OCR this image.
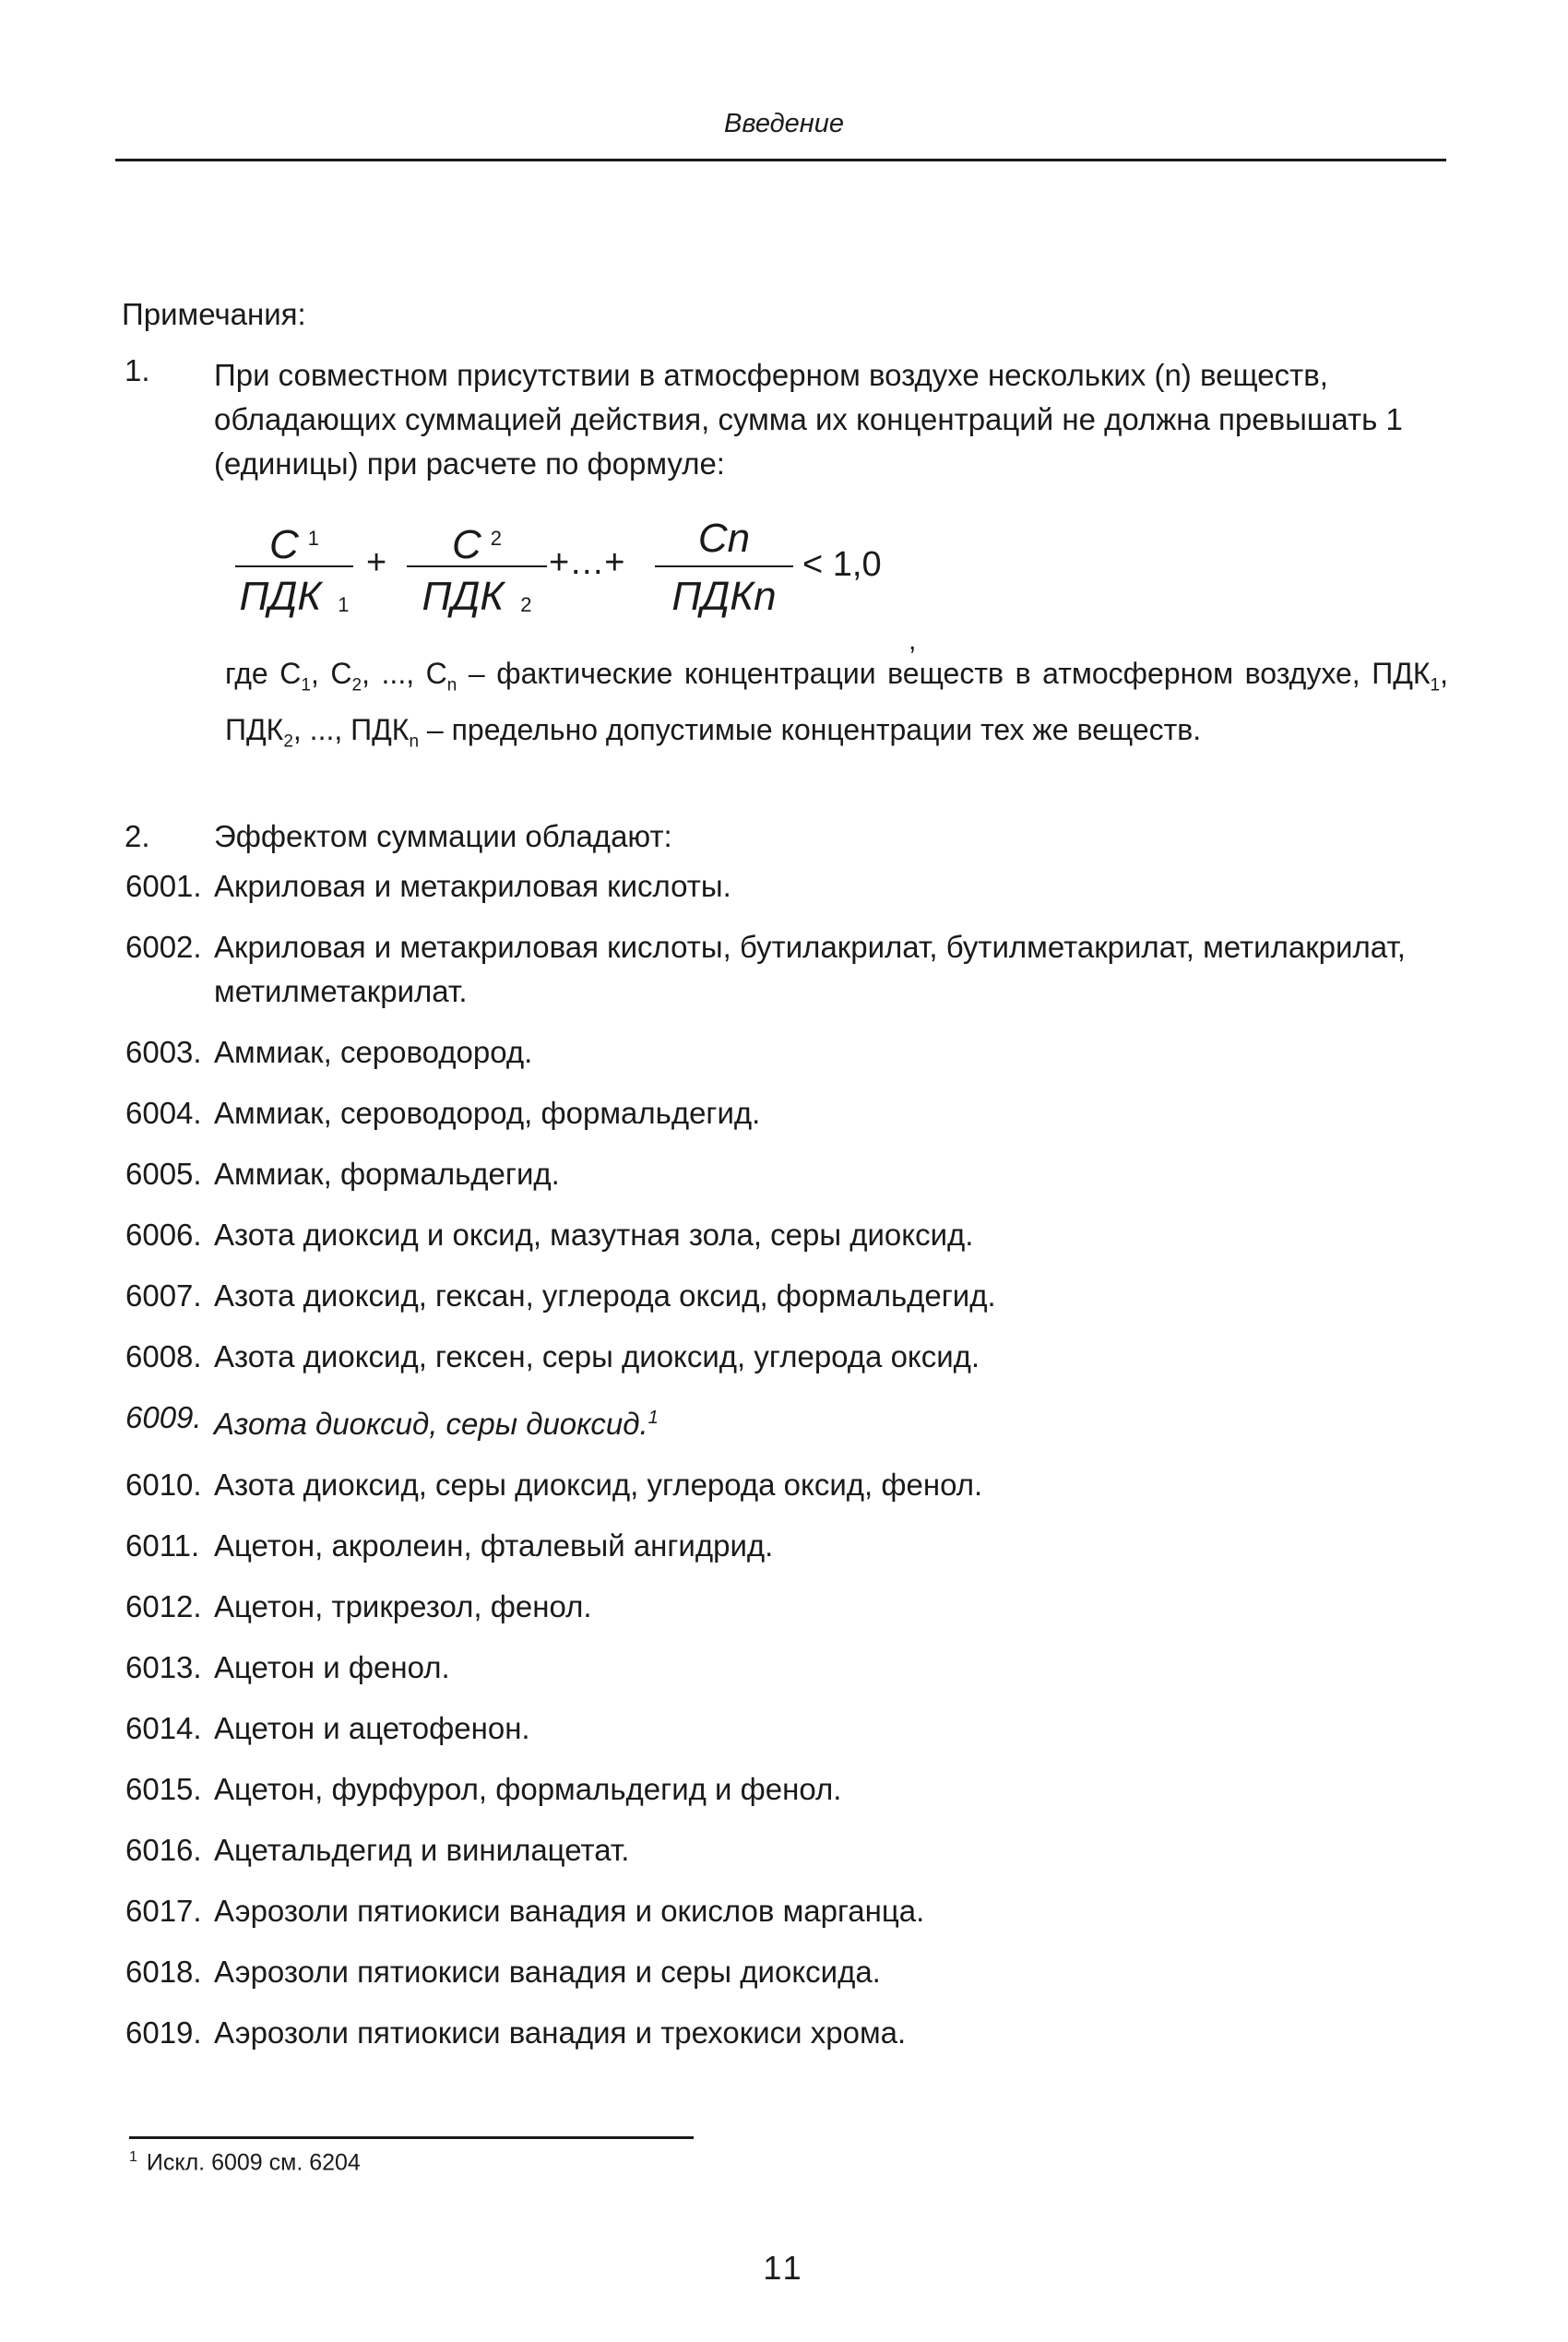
Введение
Примечания:
1. При совместном присутствии в атмосферном воздухе нескольких (n) веществ, обладающих суммацией действия, сумма их концентраций не должна превышать 1 (единицы) при расчете по формуле:
С $^1$
ПДК 1
+	С $^2$
ПДК 2
+…+
Сn
ПДКn
< 1,0
,
где $С_1$, $С_2$, ..., $С_n$ – фактические концентрации веществ в атмосферном воздухе, $ПДК_1$, $ПДК_2$, ..., $ПДК_n$ – предельно допустимые концентрации тех же веществ.
2. Эффектом суммации обладают:
6001. Акриловая и метакриловая кислоты.
6002. Акриловая и метакриловая кислоты, бутилакрилат, бутилметакрилат, метилакрилат, метилметакрилат.
6003. Аммиак, сероводород.
6004. Аммиак, сероводород, формальдегид.
6005. Аммиак, формальдегид.
6006. Азота диоксид и оксид, мазутная зола, серы диоксид.
6007. Азота диоксид, гексан, углерода оксид, формальдегид.
6008. Азота диоксид, гексен, серы диоксид, углерода оксид.
6009. Азота диоксид, серы диоксид.$^1$
6010. Азота диоксид, серы диоксид, углерода оксид, фенол.
6011. Ацетон, акролеин, фталевый ангидрид.
6012. Ацетон, трикрезол, фенол.
6013. Ацетон и фенол.
6014. Ацетон и ацетофенон.
6015. Ацетон, фурфурол, формальдегид и фенол.
6016. Ацетальдегид и винилацетат.
6017. Аэрозоли пятиокиси ванадия и окислов марганца.
6018. Аэрозоли пятиокиси ванадия и серы диоксида.
6019. Аэрозоли пятиокиси ванадия и трехокиси хрома.
$^1$ Искл. 6009 см. 6204
11
